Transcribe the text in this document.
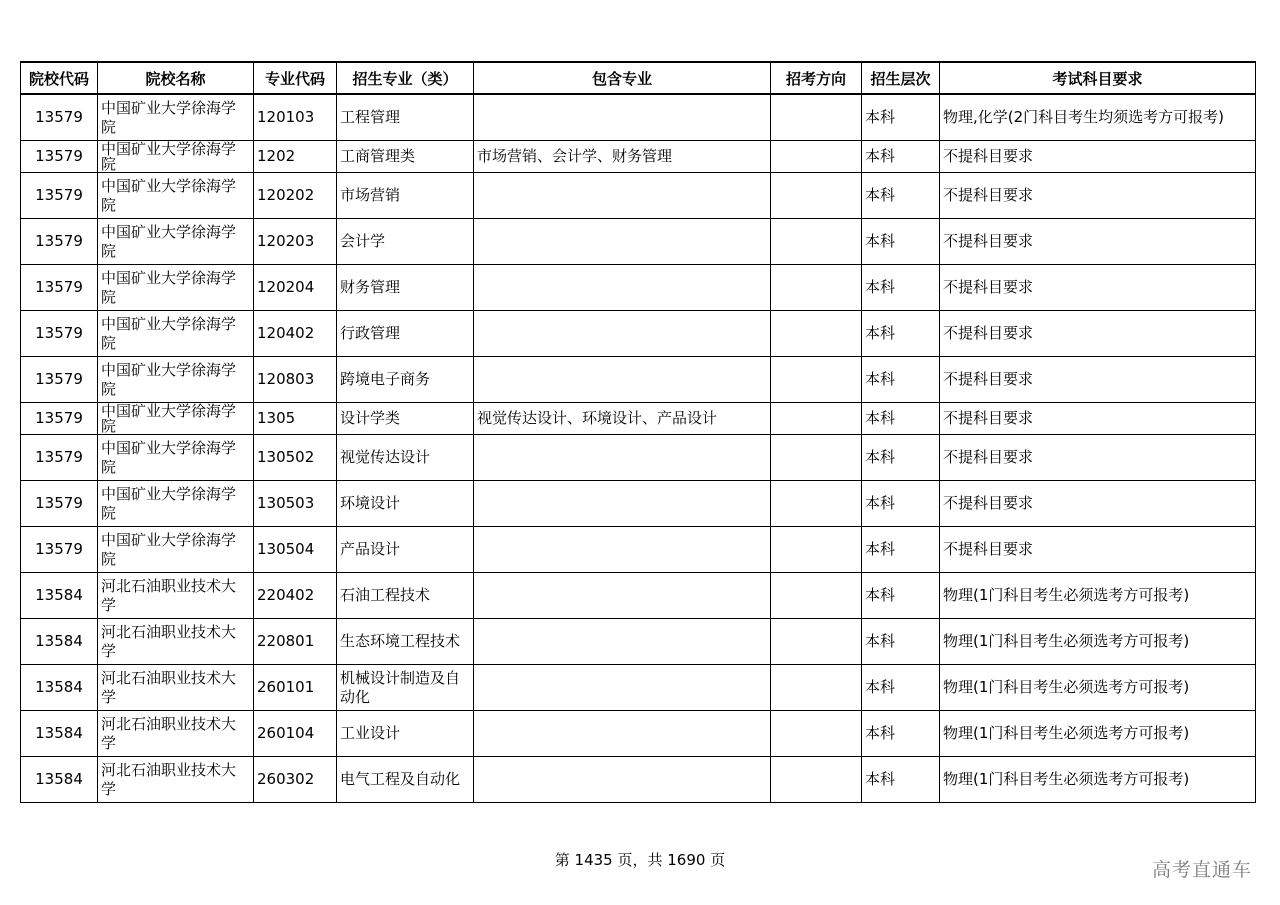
院校代码	院校名称	专业代码	招生专业（类）	包含专业	招考方向	招生层次	考试科目要求
13579	中国矿业大学徐海学院	120103	工程管理			本科	物理,化学(2门科目考生均须选考方可报考)
13579	中国矿业大学徐海学院	1202	工商管理类	市场营销、会计学、财务管理		本科	不提科目要求
13579	中国矿业大学徐海学院	120202	市场营销			本科	不提科目要求
13579	中国矿业大学徐海学院	120203	会计学			本科	不提科目要求
13579	中国矿业大学徐海学院	120204	财务管理			本科	不提科目要求
13579	中国矿业大学徐海学院	120402	行政管理			本科	不提科目要求
13579	中国矿业大学徐海学院	120803	跨境电子商务			本科	不提科目要求
13579	中国矿业大学徐海学院	1305	设计学类	视觉传达设计、环境设计、产品设计		本科	不提科目要求
13579	中国矿业大学徐海学院	130502	视觉传达设计			本科	不提科目要求
13579	中国矿业大学徐海学院	130503	环境设计			本科	不提科目要求
13579	中国矿业大学徐海学院	130504	产品设计			本科	不提科目要求
13584	河北石油职业技术大学	220402	石油工程技术			本科	物理(1门科目考生必须选考方可报考)
13584	河北石油职业技术大学	220801	生态环境工程技术			本科	物理(1门科目考生必须选考方可报考)
13584	河北石油职业技术大学	260101	机械设计制造及自动化			本科	物理(1门科目考生必须选考方可报考)
13584	河北石油职业技术大学	260104	工业设计			本科	物理(1门科目考生必须选考方可报考)
13584	河北石油职业技术大学	260302	电气工程及自动化			本科	物理(1门科目考生必须选考方可报考)
第 1435 页，共 1690 页	高考直通车
